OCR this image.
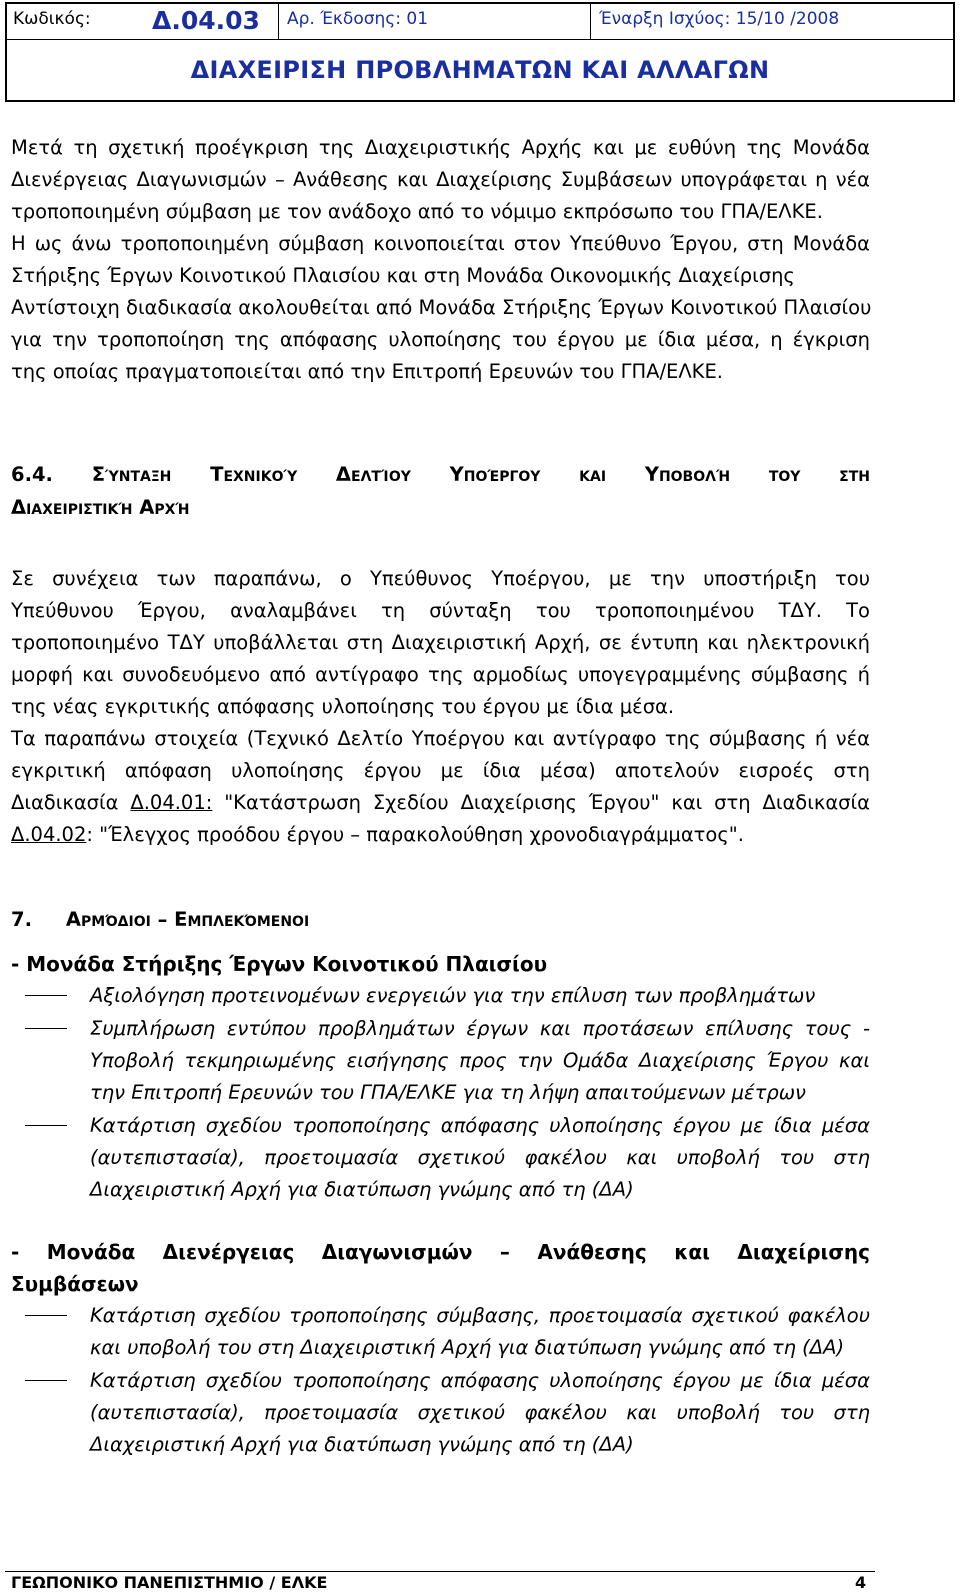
Κωδικός: Δ.04.03 Αρ. Έκδοσης: 01	Έναρξη Ισχύος: 15/10 /2008
ΔΙΑΧΕΙΡΙΣΗ ΠΡΟΒΛΗΜΑΤΩΝ ΚΑΙ ΑΛΛΑΓΩΝ
Μετά τη σχετική προέγκριση της Διαχειριστικής Αρχής και με ευθύνη της Μονάδα
Διενέργειας Διαγωνισμών – Ανάθεσης και Διαχείρισης Συμβάσεων υπογράφεται η νέα
τροποποιημένη σύμβαση με τον ανάδοχο από το νόμιμο εκπρόσωπο του ΓΠΑ/ΕΛΚΕ.
Η ως άνω τροποποιημένη σύμβαση κοινοποιείται στον Υπεύθυνο Έργου, στη Μονάδα
Στήριξης Έργων Κοινοτικού Πλαισίου και στη Μονάδα Οικονομικής Διαχείρισης
Αντίστοιχη διαδικασία ακολουθείται από Μονάδα Στήριξης Έργων Κοινοτικού Πλαισίου
για την τροποποίηση της απόφασης υλοποίησης του έργου με ίδια μέσα, η έγκριση
της οποίας πραγματοποιείται από την Επιτροπή Ερευνών του ΓΠΑ/ΕΛΚΕ.
6.4. Σύνταξη Τεχνικού Δελτίου Υποέργου και Υποβολή του στη
Διαχειριστική Αρχή
Σε συνέχεια των παραπάνω, ο Υπεύθυνος Υποέργου, με την υποστήριξη του
Υπεύθυνου Έργου, αναλαμβάνει τη σύνταξη του τροποποιημένου ΤΔΥ. Το
τροποποιημένο ΤΔΥ υποβάλλεται στη Διαχειριστική Αρχή, σε έντυπη και ηλεκτρονική
μορφή και συνοδευόμενο από αντίγραφο της αρμοδίως υπογεγραμμένης σύμβασης ή
της νέας εγκριτικής απόφασης υλοποίησης του έργου με ίδια μέσα.
Τα παραπάνω στοιχεία (Τεχνικό Δελτίο Υποέργου και αντίγραφο της σύμβασης ή νέα
εγκριτική απόφαση υλοποίησης έργου με ίδια μέσα) αποτελούν εισροές στη
Διαδικασία Δ.04.01: "Κατάστρωση Σχεδίου Διαχείρισης Έργου" και στη Διαδικασία
Δ.04.02: "Έλεγχος προόδου έργου – παρακολούθηση χρονοδιαγράμματος".
7.     Αρμόδιοι – Εμπλεκόμενοι
- Μονάδα Στήριξης Έργων Κοινοτικού Πλαισίου
Αξιολόγηση προτεινομένων ενεργειών για την επίλυση των προβλημάτων
Συμπλήρωση εντύπου προβλημάτων έργων και προτάσεων επίλυσης τους -
Υποβολή τεκμηριωμένης εισήγησης προς την Ομάδα Διαχείρισης Έργου και
την Επιτροπή Ερευνών του ΓΠΑ/ΕΛΚΕ για τη λήψη απαιτούμενων μέτρων
Κατάρτιση σχεδίου τροποποίησης απόφασης υλοποίησης έργου με ίδια μέσα
(αυτεπιστασία), προετοιμασία σχετικού φακέλου και υποβολή του στη
Διαχειριστική Αρχή για διατύπωση γνώμης από τη (ΔΑ)
- Μονάδα Διενέργειας Διαγωνισμών – Ανάθεσης και Διαχείρισης
Συμβάσεων
Κατάρτιση σχεδίου τροποποίησης σύμβασης, προετοιμασία σχετικού φακέλου
και υποβολή του στη Διαχειριστική Αρχή για διατύπωση γνώμης από τη (ΔΑ)
Κατάρτιση σχεδίου τροποποίησης απόφασης υλοποίησης έργου με ίδια μέσα
(αυτεπιστασία), προετοιμασία σχετικού φακέλου και υποβολή του στη
Διαχειριστική Αρχή για διατύπωση γνώμης από τη (ΔΑ)
ΓΕΩΠΟΝΙΚΟ ΠΑΝΕΠΙΣΤΗΜΙΟ / ΕΛΚΕ	4
